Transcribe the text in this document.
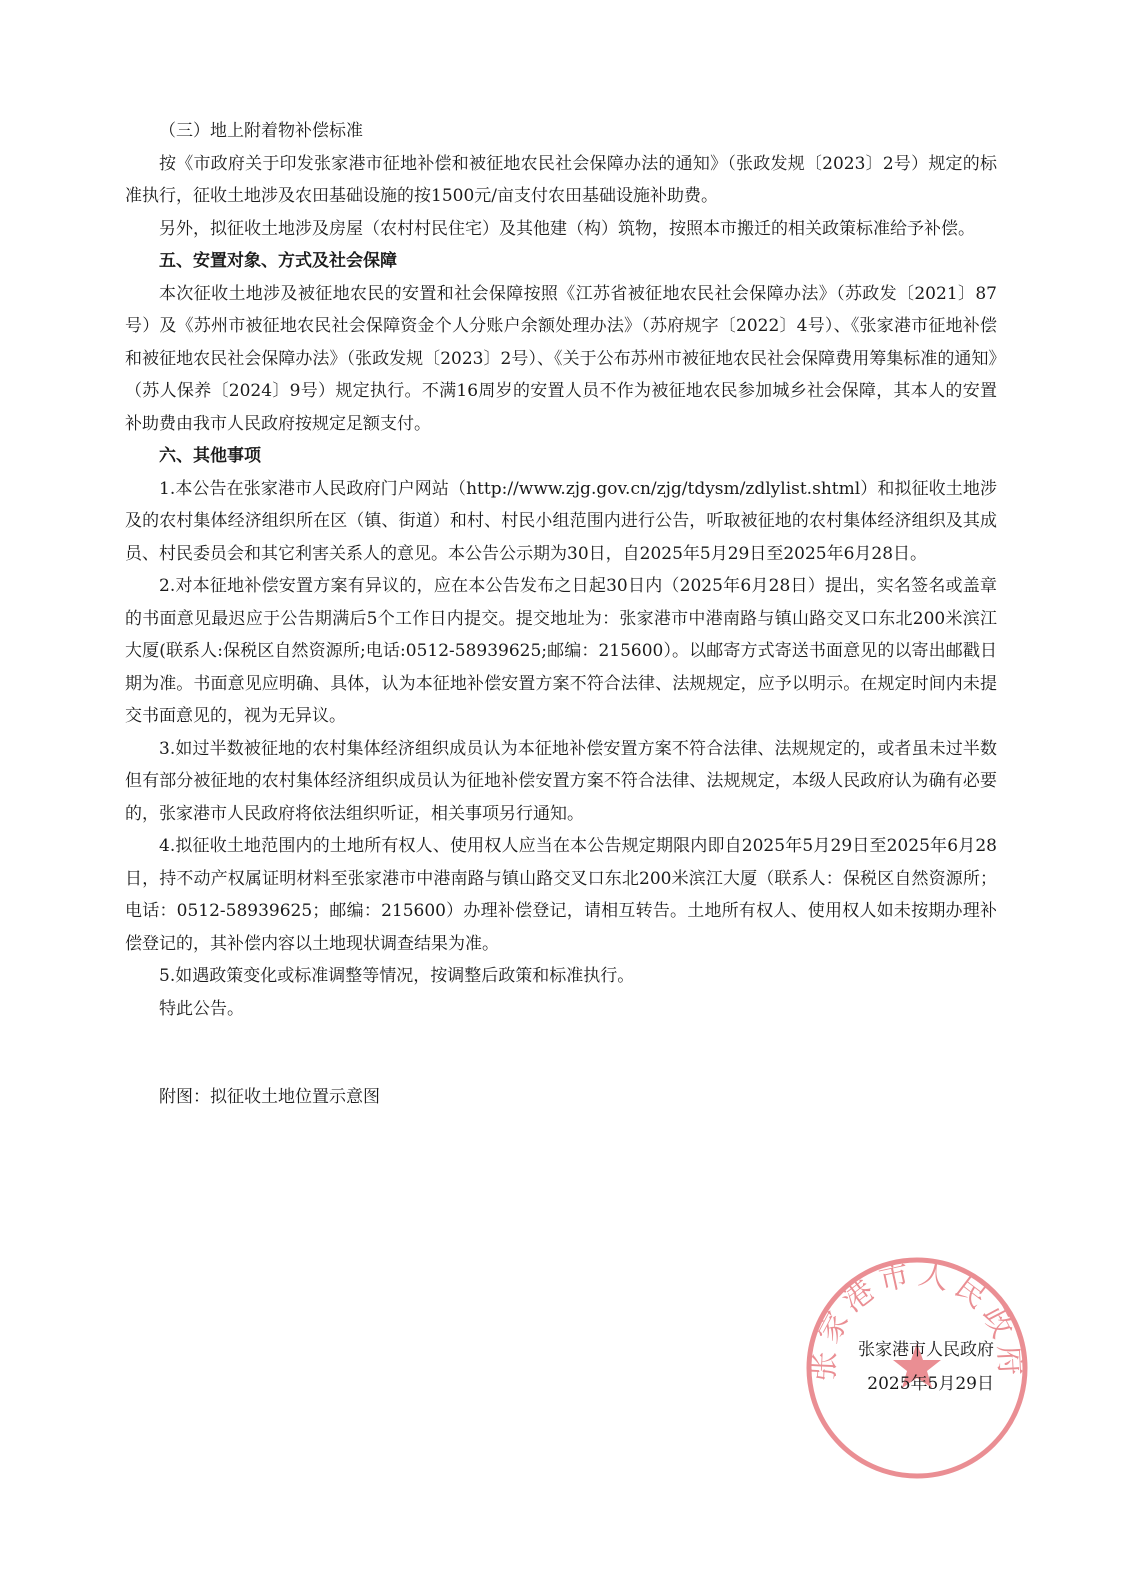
（三）地上附着物补偿标准

按《市政府关于印发张家港市征地补偿和被征地农民社会保障办法的通知》（张政发规〔2023〕2号）规定的标准执行，征收土地涉及农田基础设施的按1500元/亩支付农田基础设施补助费。

另外，拟征收土地涉及房屋（农村村民住宅）及其他建（构）筑物，按照本市搬迁的相关政策标准给予补偿。

五、安置对象、方式及社会保障

本次征收土地涉及被征地农民的安置和社会保障按照《江苏省被征地农民社会保障办法》（苏政发〔2021〕87号）及《苏州市被征地农民社会保障资金个人分账户余额处理办法》（苏府规字〔2022〕4号）、《张家港市征地补偿和被征地农民社会保障办法》（张政发规〔2023〕2号）、《关于公布苏州市被征地农民社会保障费用筹集标准的通知》（苏人保养〔2024〕9号）规定执行。不满16周岁的安置人员不作为被征地农民参加城乡社会保障，其本人的安置补助费由我市人民政府按规定足额支付。

六、其他事项

1.本公告在张家港市人民政府门户网站（http://www.zjg.gov.cn/zjg/tdysm/zdlylist.shtml）和拟征收土地涉及的农村集体经济组织所在区（镇、街道）和村、村民小组范围内进行公告，听取被征地的农村集体经济组织及其成员、村民委员会和其它利害关系人的意见。本公告公示期为30日，自2025年5月29日至2025年6月28日。

2.对本征地补偿安置方案有异议的，应在本公告发布之日起30日内（2025年6月28日）提出，实名签名或盖章的书面意见最迟应于公告期满后5个工作日内提交。提交地址为：张家港市中港南路与镇山路交叉口东北200米滨江大厦(联系人:保税区自然资源所;电话:0512-58939625;邮编：215600）。以邮寄方式寄送书面意见的以寄出邮戳日期为准。书面意见应明确、具体，认为本征地补偿安置方案不符合法律、法规规定，应予以明示。在规定时间内未提交书面意见的，视为无异议。

3.如过半数被征地的农村集体经济组织成员认为本征地补偿安置方案不符合法律、法规规定的，或者虽未过半数但有部分被征地的农村集体经济组织成员认为征地补偿安置方案不符合法律、法规规定，本级人民政府认为确有必要的，张家港市人民政府将依法组织听证，相关事项另行通知。

4.拟征收土地范围内的土地所有权人、使用权人应当在本公告规定期限内即自2025年5月29日至2025年6月28日，持不动产权属证明材料至张家港市中港南路与镇山路交叉口东北200米滨江大厦（联系人：保税区自然资源所；电话：0512-58939625；邮编：215600）办理补偿登记，请相互转告。土地所有权人、使用权人如未按期办理补偿登记的，其补偿内容以土地现状调查结果为准。

5.如遇政策变化或标准调整等情况，按调整后政策和标准执行。

特此公告。

附图：拟征收土地位置示意图

张家港市人民政府
张家港市人民政府
2025年5月29日
